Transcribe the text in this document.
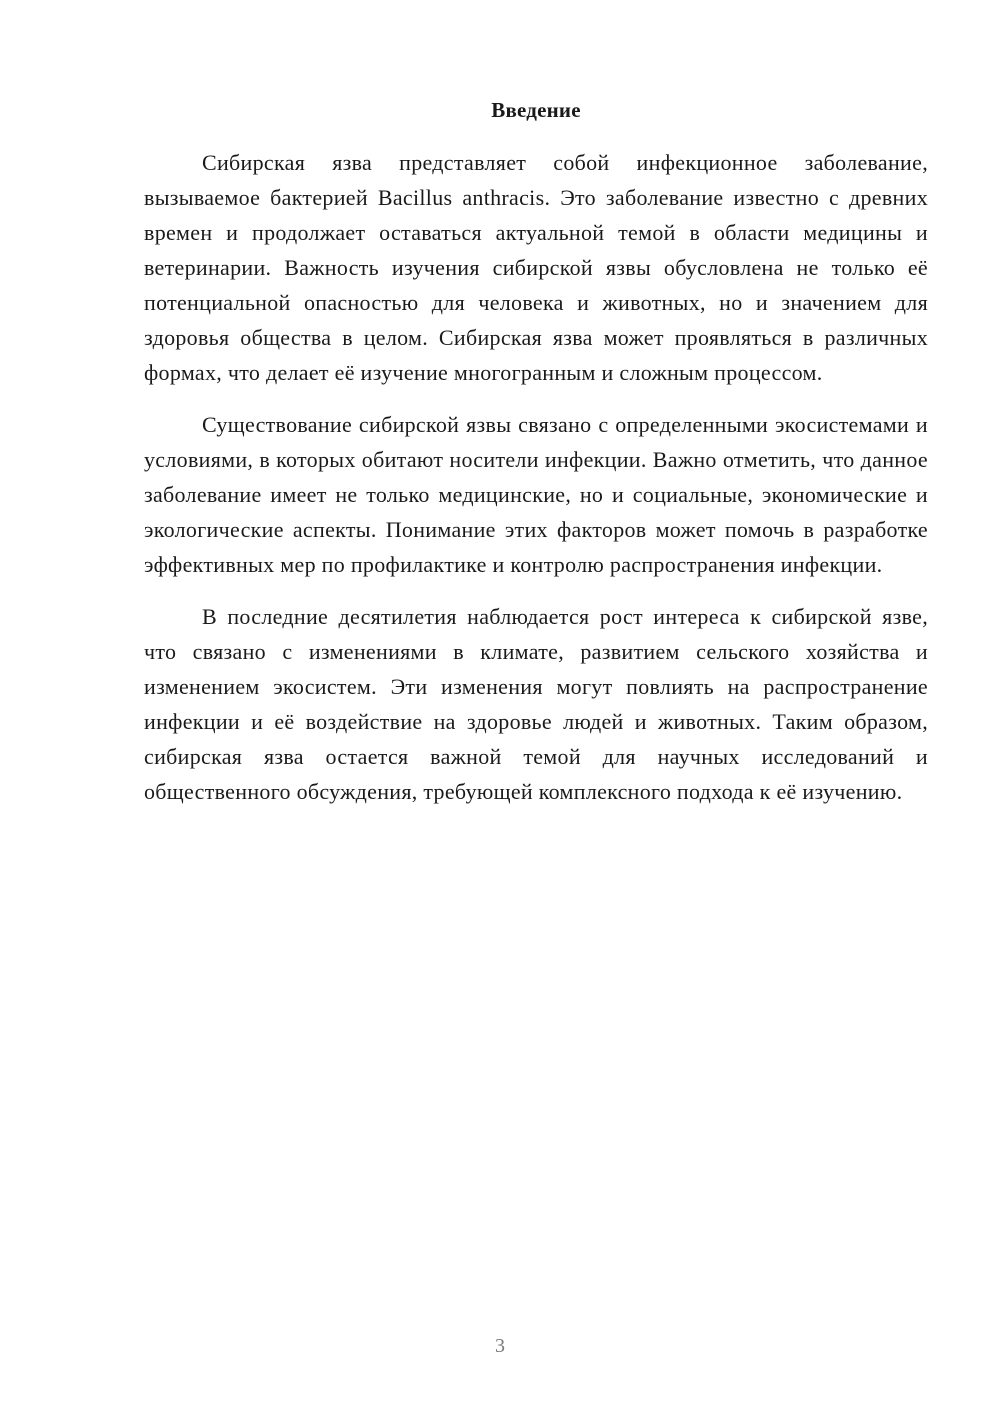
Введение

Сибирская язва представляет собой инфекционное заболевание, вызываемое бактерией Bacillus anthracis. Это заболевание известно с древних времен и продолжает оставаться актуальной темой в области медицины и ветеринарии. Важность изучения сибирской язвы обусловлена не только её потенциальной опасностью для человека и животных, но и значением для здоровья общества в целом. Сибирская язва может проявляться в различных формах, что делает её изучение многогранным и сложным процессом.

Существование сибирской язвы связано с определенными экосистемами и условиями, в которых обитают носители инфекции. Важно отметить, что данное заболевание имеет не только медицинские, но и социальные, экономические и экологические аспекты. Понимание этих факторов может помочь в разработке эффективных мер по профилактике и контролю распространения инфекции.

В последние десятилетия наблюдается рост интереса к сибирской язве, что связано с изменениями в климате, развитием сельского хозяйства и изменением экосистем. Эти изменения могут повлиять на распространение инфекции и её воздействие на здоровье людей и животных. Таким образом, сибирская язва остается важной темой для научных исследований и общественного обсуждения, требующей комплексного подхода к её изучению.

3
